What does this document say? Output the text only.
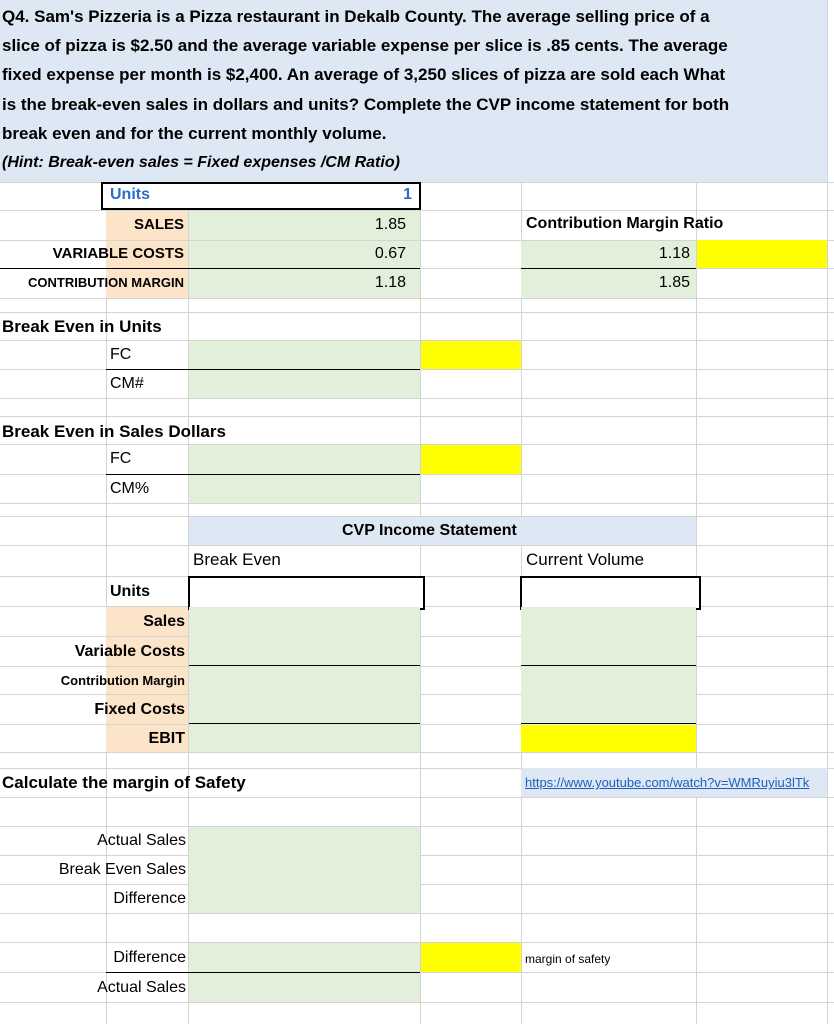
Q4. Sam's Pizzeria is a Pizza restaurant in Dekalb County. The average selling price of a
slice of pizza is $2.50 and the average variable expense per slice is .85 cents. The average
fixed expense per month is $2,400. An average of 3,250 slices of pizza are sold each What
is the break-even sales in dollars and units? Complete the CVP income statement for both
break even and for the current monthly volume.
(Hint: Break-even sales = Fixed expenses /CM Ratio)
Units	1
SALES	1.85
VARIABLE COSTS	0.67
CONTRIBUTION MARGIN	1.18
Contribution Margin Ratio
1.18
1.85
Break Even in Units
FC
CM#
Break Even in Sales Dollars
FC
CM%
CVP Income Statement
Break Even	Current Volume
Units
Sales
Variable Costs
Contribution Margin
Fixed Costs
EBIT
Calculate the margin of Safety	https://www.youtube.com/watch?v=WMRuyiu3lTk
Actual Sales
Break Even Sales
Difference
Difference	margin of safety
Actual Sales
